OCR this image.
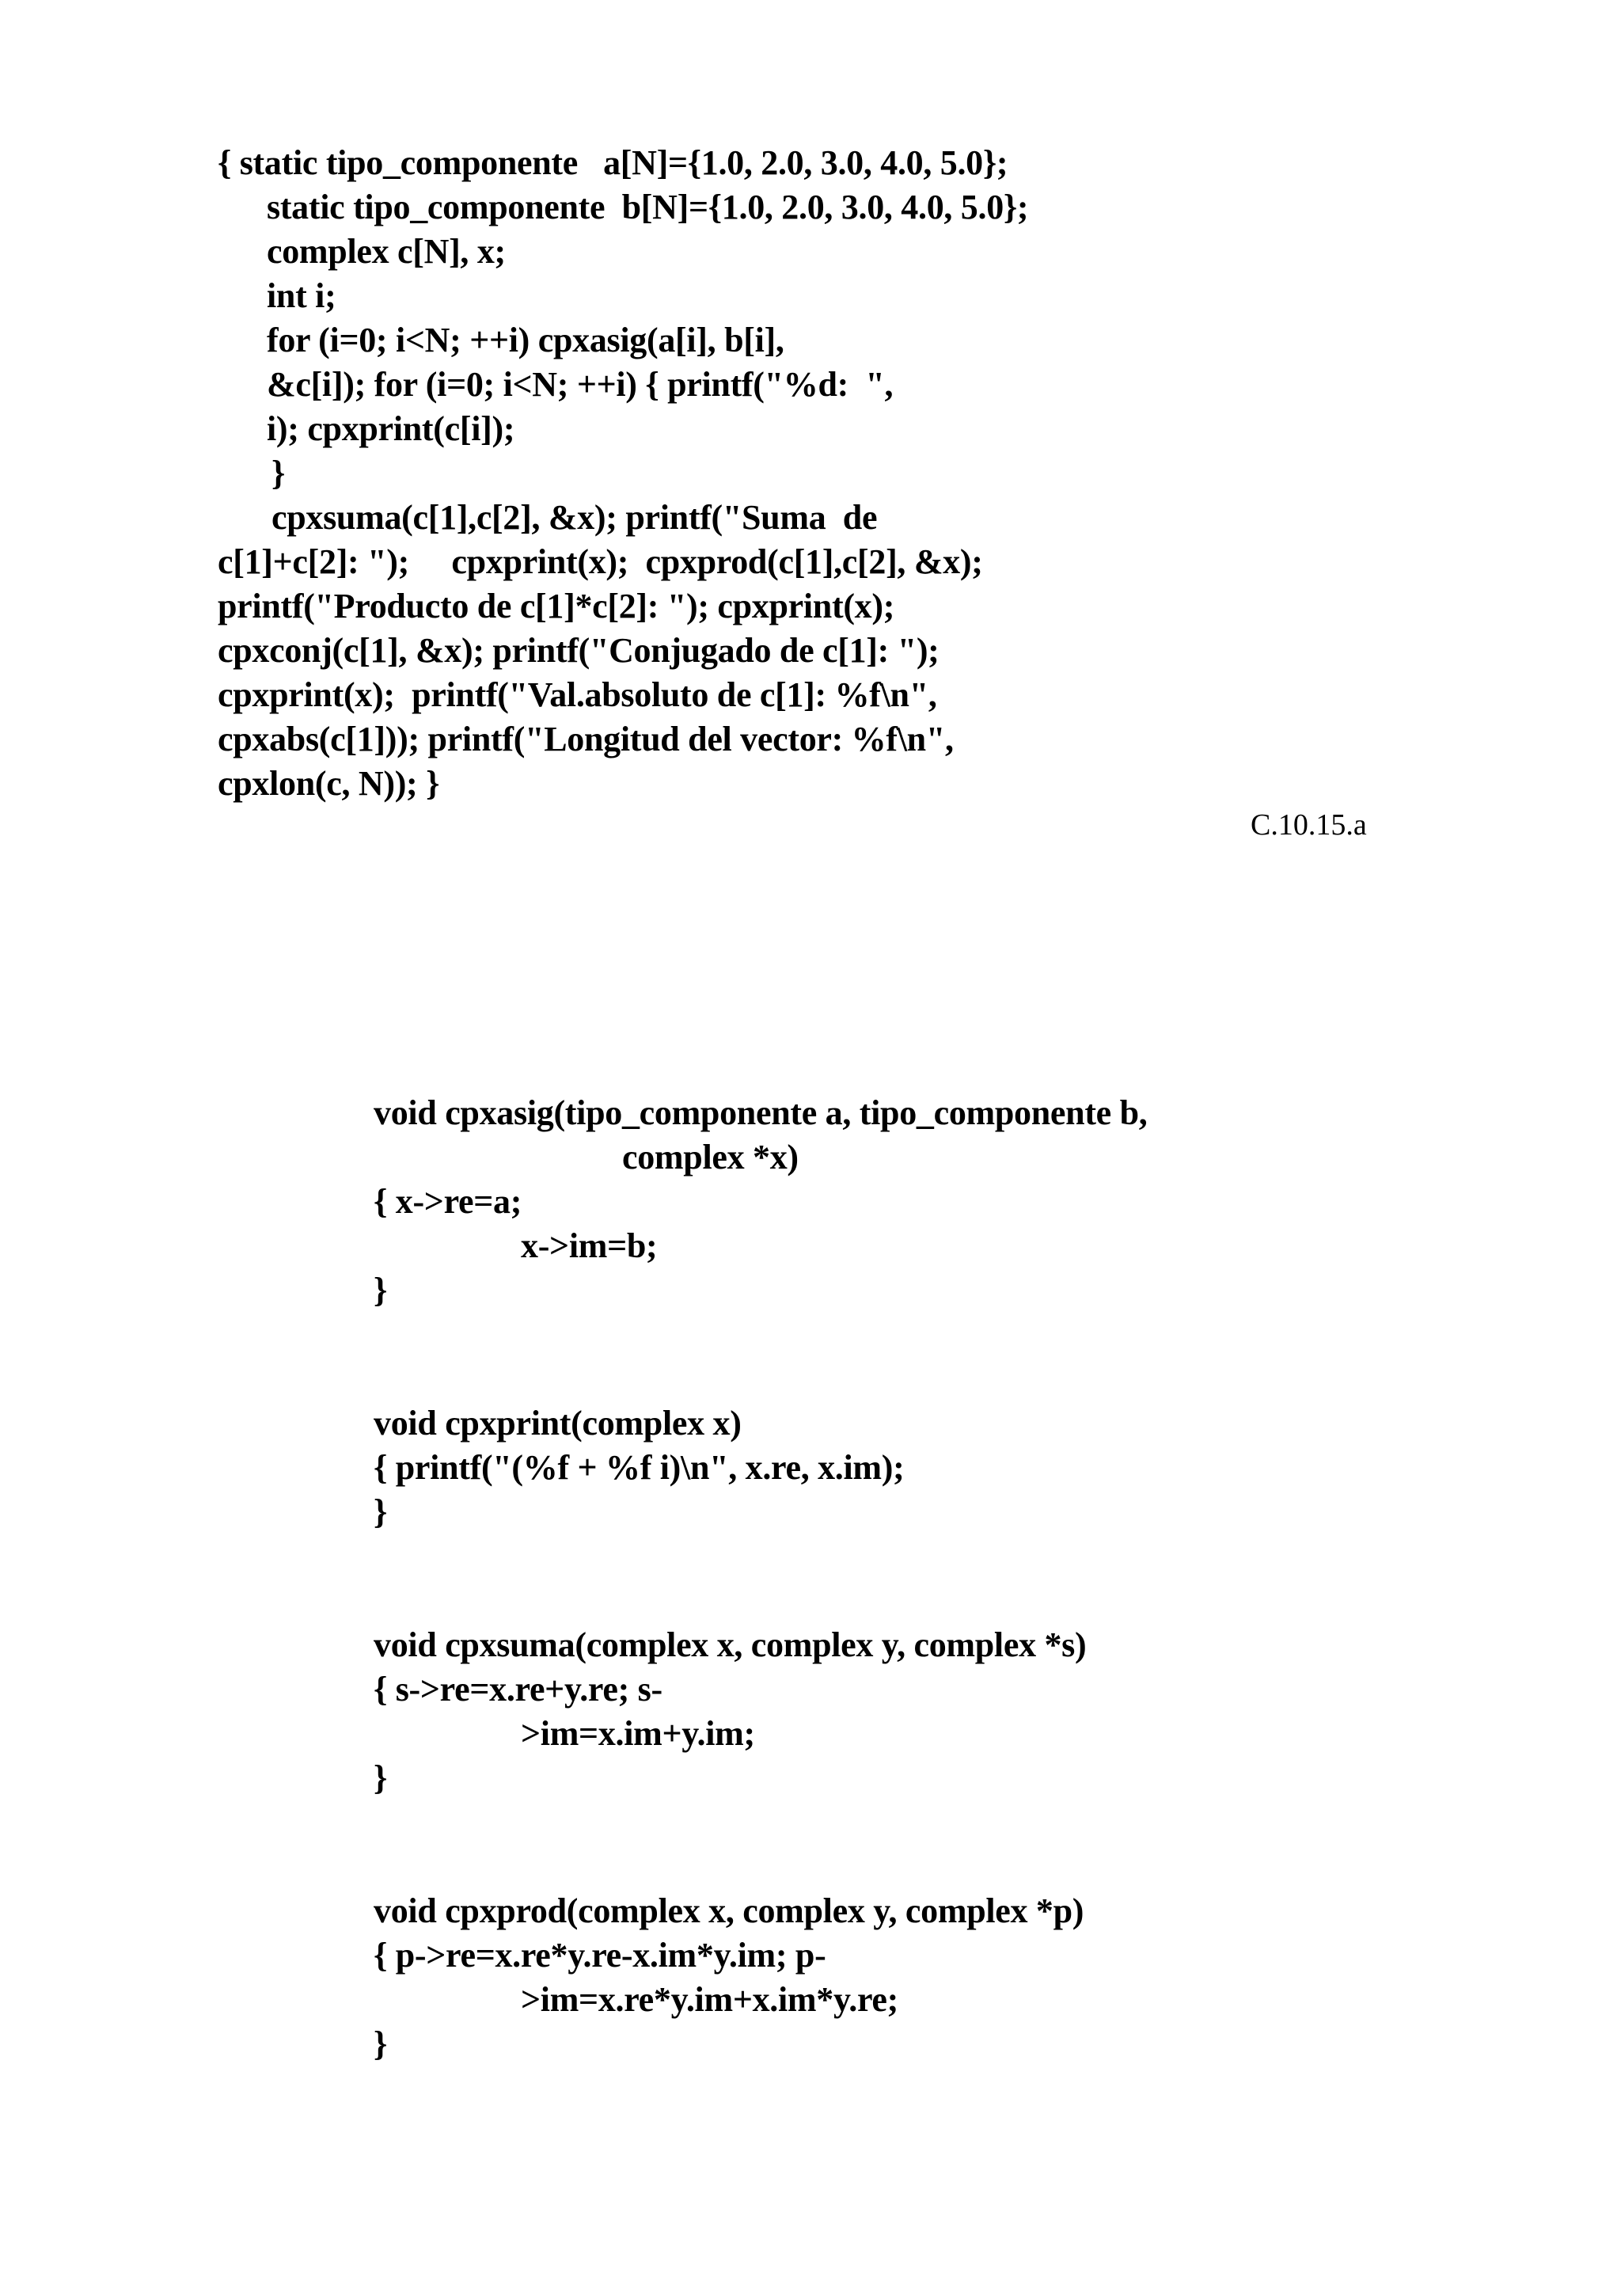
{ static tipo_componente   a[N]={1.0, 2.0, 3.0, 4.0, 5.0};
static tipo_componente  b[N]={1.0, 2.0, 3.0, 4.0, 5.0};
complex c[N], x;
int i;
for (i=0; i<N; ++i) cpxasig(a[i], b[i],
&c[i]); for (i=0; i<N; ++i) { printf("%d:  ",
i); cpxprint(c[i]);
}
cpxsuma(c[1],c[2], &x); printf("Suma  de
c[1]+c[2]: ");     cpxprint(x);  cpxprod(c[1],c[2], &x);
printf("Producto de c[1]*c[2]: "); cpxprint(x);
cpxconj(c[1], &x); printf("Conjugado de c[1]: ");
cpxprint(x);  printf("Val.absoluto de c[1]: %f\n",
cpxabs(c[1])); printf("Longitud del vector: %f\n",
cpxlon(c, N)); }
C.10.15.a
void cpxasig(tipo_componente a, tipo_componente b,
complex *x)
{ x->re=a;
x->im=b;
}
void cpxprint(complex x)
{ printf("(%f + %f i)\n", x.re, x.im);
}
void cpxsuma(complex x, complex y, complex *s)
{ s->re=x.re+y.re; s-
>im=x.im+y.im;
}
void cpxprod(complex x, complex y, complex *p)
{ p->re=x.re*y.re-x.im*y.im; p-
>im=x.re*y.im+x.im*y.re;
}
